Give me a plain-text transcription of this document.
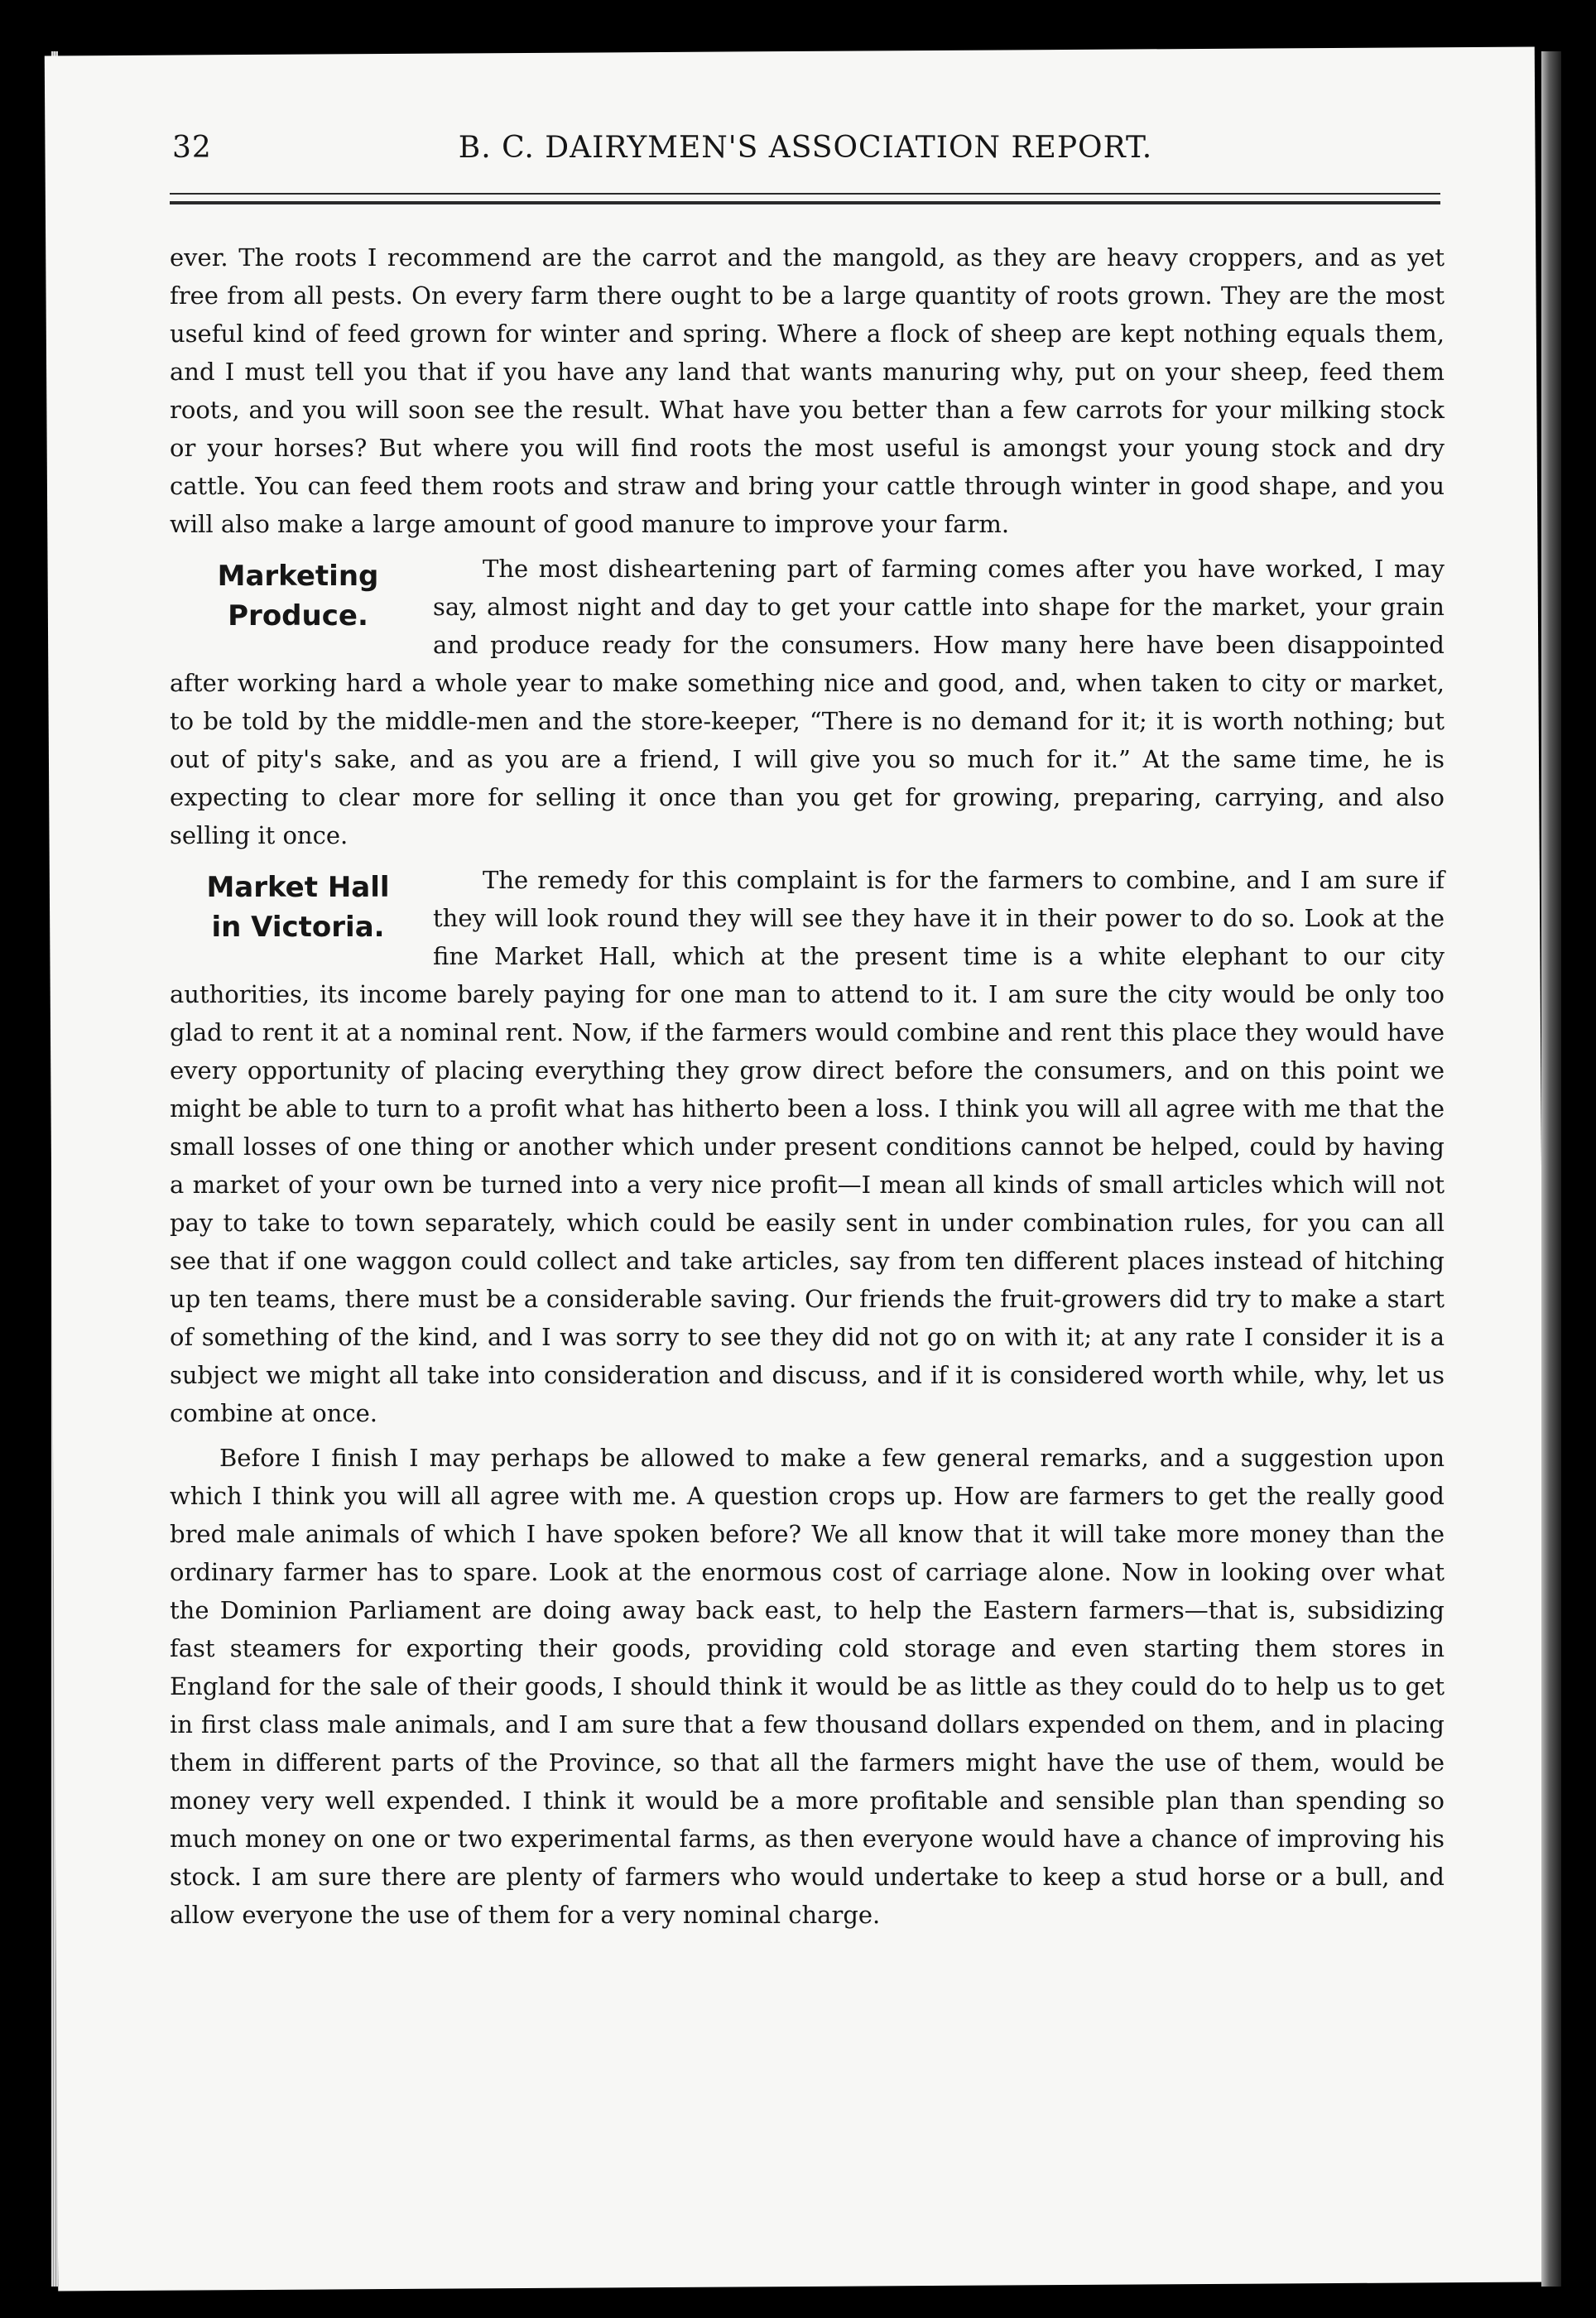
32	B. C. DAIRYMEN'S ASSOCIATION REPORT.

ever. The roots I recommend are the carrot and the mangold, as they are heavy croppers, and as yet free from all pests. On every farm there ought to be a large quantity of roots grown. They are the most useful kind of feed grown for winter and spring. Where a flock of sheep are kept nothing equals them, and I must tell you that if you have any land that wants manuring why, put on your sheep, feed them roots, and you will soon see the result. What have you better than a few carrots for your milking stock or your horses? But where you will find roots the most useful is amongst your young stock and dry cattle. You can feed them roots and straw and bring your cattle through winter in good shape, and you will also make a large amount of good manure to improve your farm.

Marketing
Produce.

The most disheartening part of farming comes after you have worked, I may say, almost night and day to get your cattle into shape for the market, your grain and produce ready for the consumers. How many here have been disappointed after working hard a whole year to make something nice and good, and, when taken to city or market, to be told by the middle-men and the store-keeper, “There is no demand for it; it is worth nothing; but out of pity's sake, and as you are a friend, I will give you so much for it.” At the same time, he is expecting to clear more for selling it once than you get for growing, preparing, carrying, and also selling it once.

Market Hall
in Victoria.

The remedy for this complaint is for the farmers to combine, and I am sure if they will look round they will see they have it in their power to do so. Look at the fine Market Hall, which at the present time is a white elephant to our city authorities, its income barely paying for one man to attend to it. I am sure the city would be only too glad to rent it at a nominal rent. Now, if the farmers would combine and rent this place they would have every opportunity of placing everything they grow direct before the consumers, and on this point we might be able to turn to a profit what has hitherto been a loss. I think you will all agree with me that the small losses of one thing or another which under present conditions cannot be helped, could by having a market of your own be turned into a very nice profit—I mean all kinds of small articles which will not pay to take to town separately, which could be easily sent in under combination rules, for you can all see that if one waggon could collect and take articles, say from ten different places instead of hitching up ten teams, there must be a considerable saving. Our friends the fruit-growers did try to make a start of something of the kind, and I was sorry to see they did not go on with it; at any rate I consider it is a subject we might all take into consideration and discuss, and if it is considered worth while, why, let us combine at once.

Before I finish I may perhaps be allowed to make a few general remarks, and a suggestion upon which I think you will all agree with me. A question crops up. How are farmers to get the really good bred male animals of which I have spoken before? We all know that it will take more money than the ordinary farmer has to spare. Look at the enormous cost of carriage alone. Now in looking over what the Dominion Parliament are doing away back east, to help the Eastern farmers—that is, subsidizing fast steamers for exporting their goods, providing cold storage and even starting them stores in England for the sale of their goods, I should think it would be as little as they could do to help us to get in first class male animals, and I am sure that a few thousand dollars expended on them, and in placing them in different parts of the Province, so that all the farmers might have the use of them, would be money very well expended. I think it would be a more profitable and sensible plan than spending so much money on one or two experimental farms, as then everyone would have a chance of improving his stock. I am sure there are plenty of farmers who would undertake to keep a stud horse or a bull, and allow everyone the use of them for a very nominal charge.
